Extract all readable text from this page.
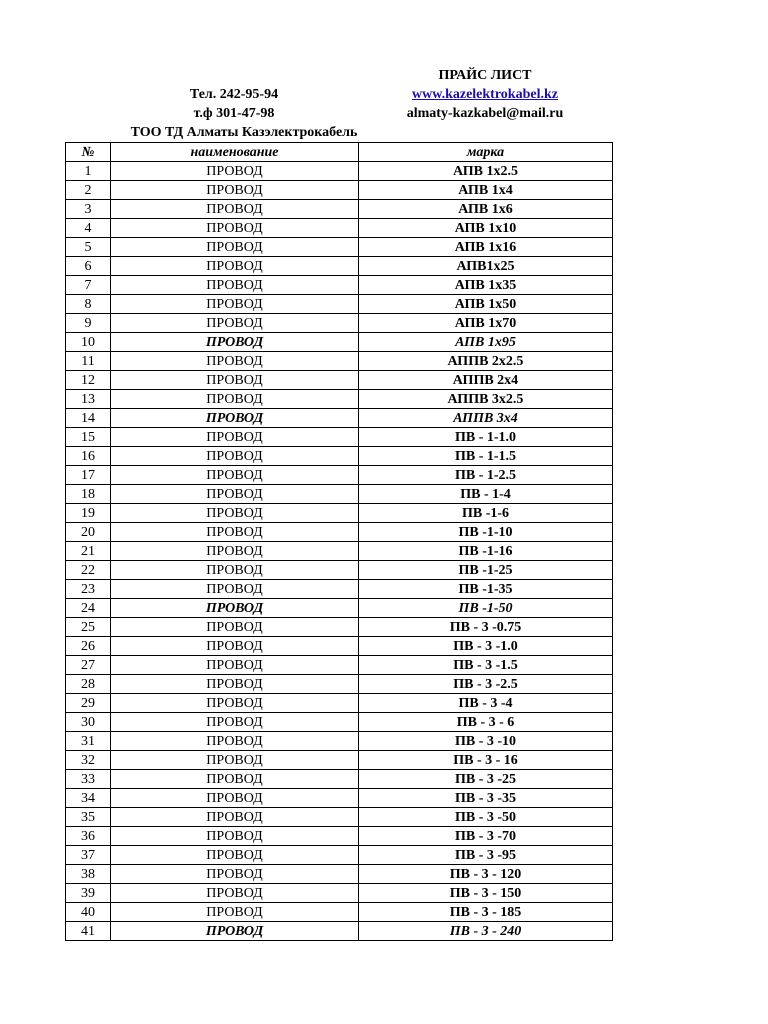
ПРАЙС ЛИСТ
Тел. 242-95-94
т.ф 301-47-98
www.kazelektrokabel.kz
almaty-kazkabel@mail.ru
ТОО ТД Алматы Казэлектрокабель
№	наименование	марка
1	ПРОВОД	АПВ 1х2.5
2	ПРОВОД	АПВ 1х4
3	ПРОВОД	АПВ 1х6
4	ПРОВОД	АПВ 1х10
5	ПРОВОД	АПВ 1х16
6	ПРОВОД	АПВ1х25
7	ПРОВОД	АПВ 1х35
8	ПРОВОД	АПВ 1х50
9	ПРОВОД	АПВ 1х70
10	ПРОВОД	АПВ 1х95
11	ПРОВОД	АППВ 2х2.5
12	ПРОВОД	АППВ 2х4
13	ПРОВОД	АППВ 3х2.5
14	ПРОВОД	АППВ 3х4
15	ПРОВОД	ПВ - 1-1.0
16	ПРОВОД	ПВ - 1-1.5
17	ПРОВОД	ПВ - 1-2.5
18	ПРОВОД	ПВ - 1-4
19	ПРОВОД	ПВ -1-6
20	ПРОВОД	ПВ -1-10
21	ПРОВОД	ПВ -1-16
22	ПРОВОД	ПВ -1-25
23	ПРОВОД	ПВ -1-35
24	ПРОВОД	ПВ -1-50
25	ПРОВОД	ПВ - 3 -0.75
26	ПРОВОД	ПВ - 3 -1.0
27	ПРОВОД	ПВ - 3 -1.5
28	ПРОВОД	ПВ - 3 -2.5
29	ПРОВОД	ПВ - 3 -4
30	ПРОВОД	ПВ - 3 - 6
31	ПРОВОД	ПВ - 3 -10
32	ПРОВОД	ПВ - 3 - 16
33	ПРОВОД	ПВ - 3 -25
34	ПРОВОД	ПВ - 3 -35
35	ПРОВОД	ПВ - 3 -50
36	ПРОВОД	ПВ - 3 -70
37	ПРОВОД	ПВ - 3 -95
38	ПРОВОД	ПВ - 3 - 120
39	ПРОВОД	ПВ - 3 - 150
40	ПРОВОД	ПВ - 3 - 185
41	ПРОВОД	ПВ - 3 - 240
